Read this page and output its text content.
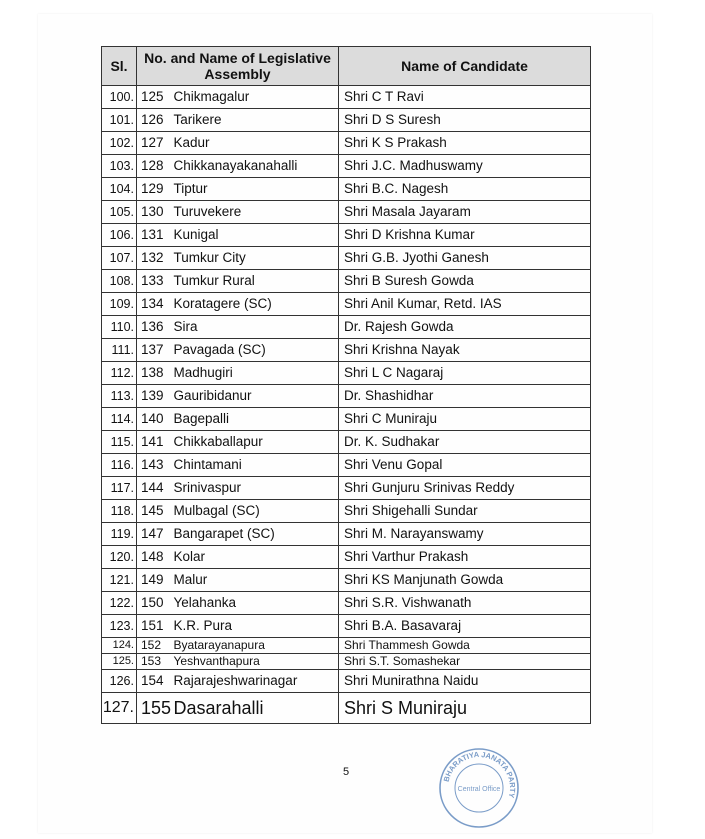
Sl.	No. and Name of Legislative Assembly		Name of Candidate
100.	125	Chikmagalur	Shri C T Ravi
101.	126	Tarikere	Shri D S Suresh
102.	127	Kadur	Shri K S Prakash
103.	128	Chikkanayakanahalli	Shri J.C. Madhuswamy
104.	129	Tiptur	Shri B.C. Nagesh
105.	130	Turuvekere	Shri Masala Jayaram
106.	131	Kunigal	Shri D Krishna Kumar
107.	132	Tumkur City	Shri G.B. Jyothi Ganesh
108.	133	Tumkur Rural	Shri B Suresh Gowda
109.	134	Koratagere (SC)	Shri Anil Kumar, Retd. IAS
110.	136	Sira	Dr. Rajesh Gowda
111.	137	Pavagada (SC)	Shri Krishna Nayak
112.	138	Madhugiri	Shri L C Nagaraj
113.	139	Gauribidanur	Dr. Shashidhar
114.	140	Bagepalli	Shri C Muniraju
115.	141	Chikkaballapur	Dr. K. Sudhakar
116.	143	Chintamani	Shri Venu Gopal
117.	144	Srinivaspur	Shri Gunjuru Srinivas Reddy
118.	145	Mulbagal (SC)	Shri Shigehalli Sundar
119.	147	Bangarapet (SC)	Shri M. Narayanswamy
120.	148	Kolar	Shri Varthur Prakash
121.	149	Malur	Shri KS Manjunath Gowda
122.	150	Yelahanka	Shri S.R. Vishwanath
123.	151	K.R. Pura	Shri B.A. Basavaraj
124.	152	Byatarayanapura	Shri Thammesh Gowda
125.	153	Yeshvanthapura	Shri S.T. Somashekar
126.	154	Rajarajeshwarinagar	Shri Munirathna Naidu
127.	155	Dasarahalli	Shri S Muniraju
5
BHARATIYA JANATA PARTY
Central Office
